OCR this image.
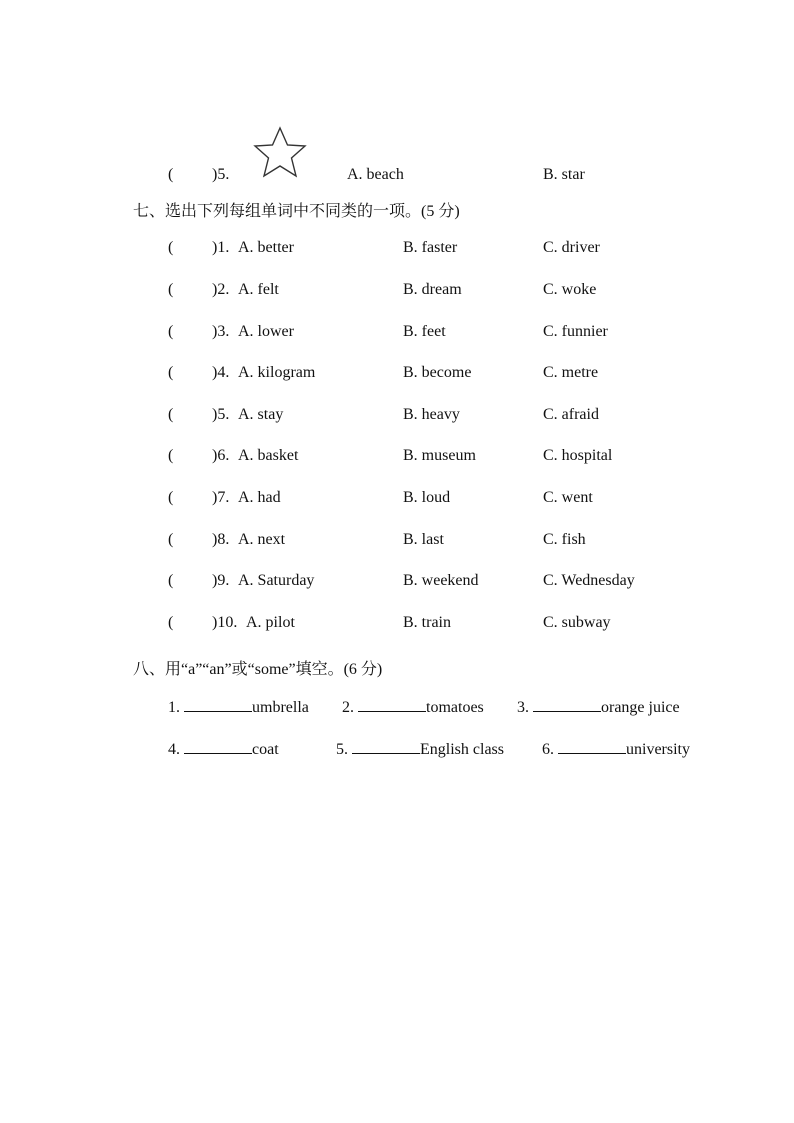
( )5.	A. beach	B. star
七、选出下列每组单词中不同类的一项。(5 分)
( )1. A. better	B. faster	C. driver
( )2. A. felt	B. dream	C. woke
( )3. A. lower	B. feet	C. funnier
( )4. A. kilogram	B. become	C. metre
( )5. A. stay	B. heavy	C. afraid
( )6. A. basket	B. museum	C. hospital
( )7. A. had	B. loud	C. went
( )8. A. next	B. last	C. fish
( )9. A. Saturday	B. weekend	C. Wednesday
( )10. A. pilot	B. train	C. subway
八、用“a”“an”或“some”填空。(6 分)
1.	umbrella 2.	tomatoes 3.	orange juice
4.	coat	5.	English class 6.	university
